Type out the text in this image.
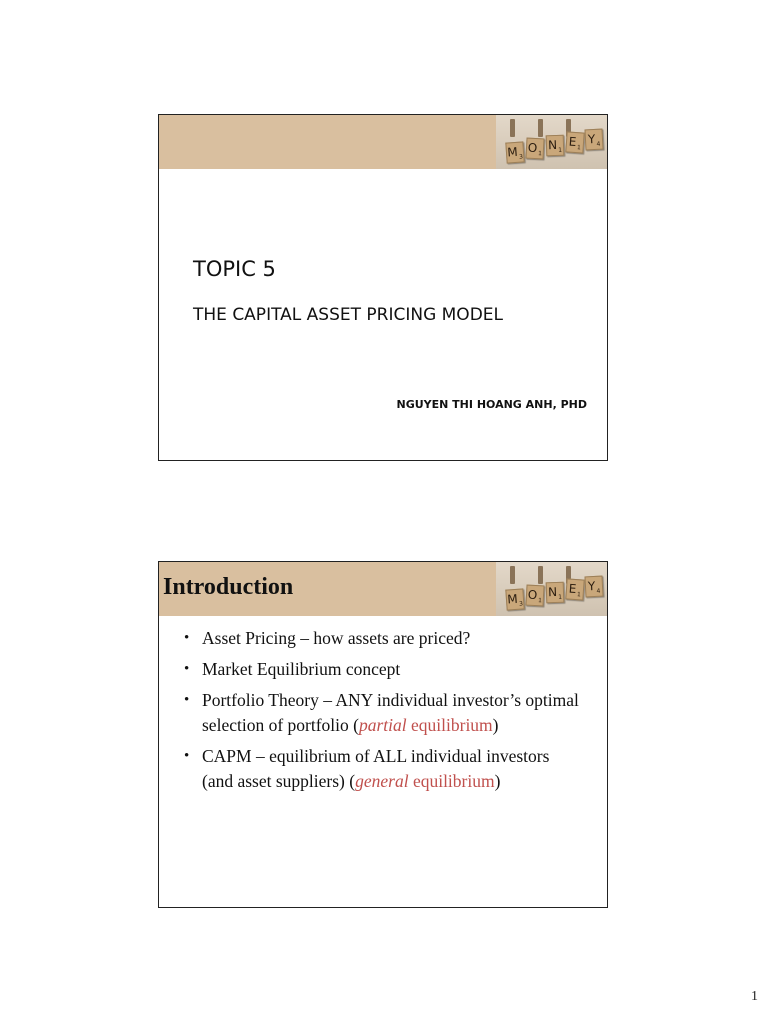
$M_3$
$O_1$
$N_1$
$E_1$
$Y_4$
TOPIC 5
THE CAPITAL ASSET PRICING MODEL
NGUYEN THI HOANG ANH, PHD
$M_3$
$O_1$
$N_1$
$E_1$
$Y_4$
Introduction
• Asset Pricing – how assets are priced?
• Market Equilibrium concept
• Portfolio Theory – ANY individual investor’s optimal selection of portfolio (partial equilibrium)
• CAPM – equilibrium of ALL individual investors (and asset suppliers) (general equilibrium)
1
